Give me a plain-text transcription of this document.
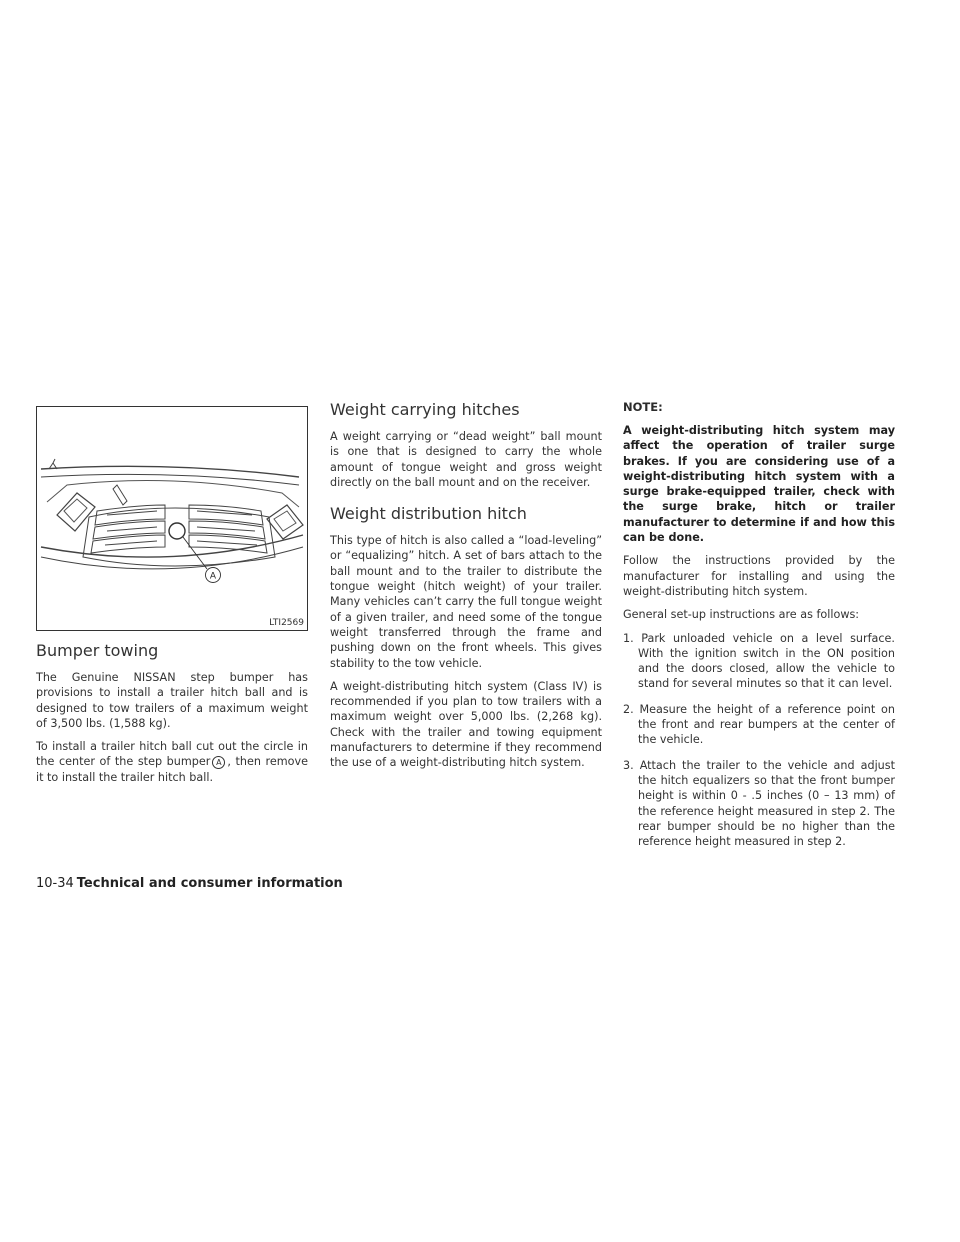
A
LTI2569
Bumper towing

The Genuine NISSAN step bumper has provisions to install a trailer hitch ball and is designed to tow trailers of a maximum weight of 3,500 lbs. (1,588 kg).

To install a trailer hitch ball cut out the circle in the center of the step bumper A , then remove it to install the trailer hitch ball.

Weight carrying hitches

A weight carrying or “dead weight” ball mount is one that is designed to carry the whole amount of tongue weight and gross weight directly on the ball mount and on the receiver.

Weight distribution hitch

This type of hitch is also called a “load-leveling” or “equalizing” hitch. A set of bars attach to the ball mount and to the trailer to distribute the tongue weight (hitch weight) of your trailer. Many vehicles can’t carry the full tongue weight of a given trailer, and need some of the tongue weight transferred through the frame and pushing down on the front wheels. This gives stability to the tow vehicle.

A weight-distributing hitch system (Class IV) is recommended if you plan to tow trailers with a maximum weight over 5,000 lbs. (2,268 kg). Check with the trailer and towing equipment manufacturers to determine if they recommend the use of a weight-distributing hitch system.

NOTE:

A weight-distributing hitch system may affect the operation of trailer surge brakes. If you are considering use of a weight-distributing hitch system with a surge brake-equipped trailer, check with the surge brake, hitch or trailer manufacturer to determine if and how this can be done.

Follow the instructions provided by the manufacturer for installing and using the weight-distributing hitch system.

General set-up instructions are as follows:

1. Park unloaded vehicle on a level surface. With the ignition switch in the ON position and the doors closed, allow the vehicle to stand for several minutes so that it can level.
2. Measure the height of a reference point on the front and rear bumpers at the center of the vehicle.
3. Attach the trailer to the vehicle and adjust the hitch equalizers so that the front bumper height is within 0 - .5 inches (0 – 13 mm) of the reference height measured in step 2. The rear bumper should be no higher than the reference height measured in step 2.
10-34 Technical and consumer information
